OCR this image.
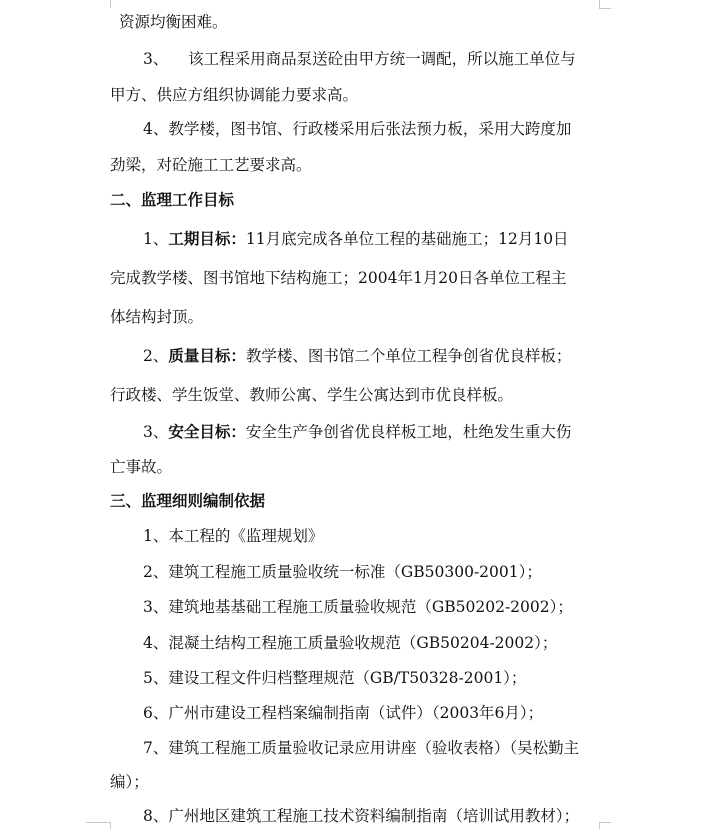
资源均衡困难。
3、    该工程采用商品泵送砼由甲方统一调配，所以施工单位与
甲方、供应方组织协调能力要求高。
4、教学楼，图书馆、行政楼采用后张法预力板，采用大跨度加
劲梁，对砼施工工艺要求高。
二、监理工作目标
1、工期目标：11月底完成各单位工程的基础施工；12月10日
完成教学楼、图书馆地下结构施工；2004年1月20日各单位工程主
体结构封顶。
2、质量目标：教学楼、图书馆二个单位工程争创省优良样板；
行政楼、学生饭堂、教师公寓、学生公寓达到市优良样板。
3、安全目标：安全生产争创省优良样板工地，杜绝发生重大伤
亡事故。
三、监理细则编制依据
1、本工程的《监理规划》
2、建筑工程施工质量验收统一标准（GB50300-2001）；
3、建筑地基基础工程施工质量验收规范（GB50202-2002）；
4、混凝土结构工程施工质量验收规范（GB50204-2002）；
5、建设工程文件归档整理规范（GB/T50328-2001）；
6、广州市建设工程档案编制指南（试件）（2003年6月）；
7、建筑工程施工质量验收记录应用讲座（验收表格）（吴松勤主
编）；
8、广州地区建筑工程施工技术资料编制指南（培训试用教材）；
